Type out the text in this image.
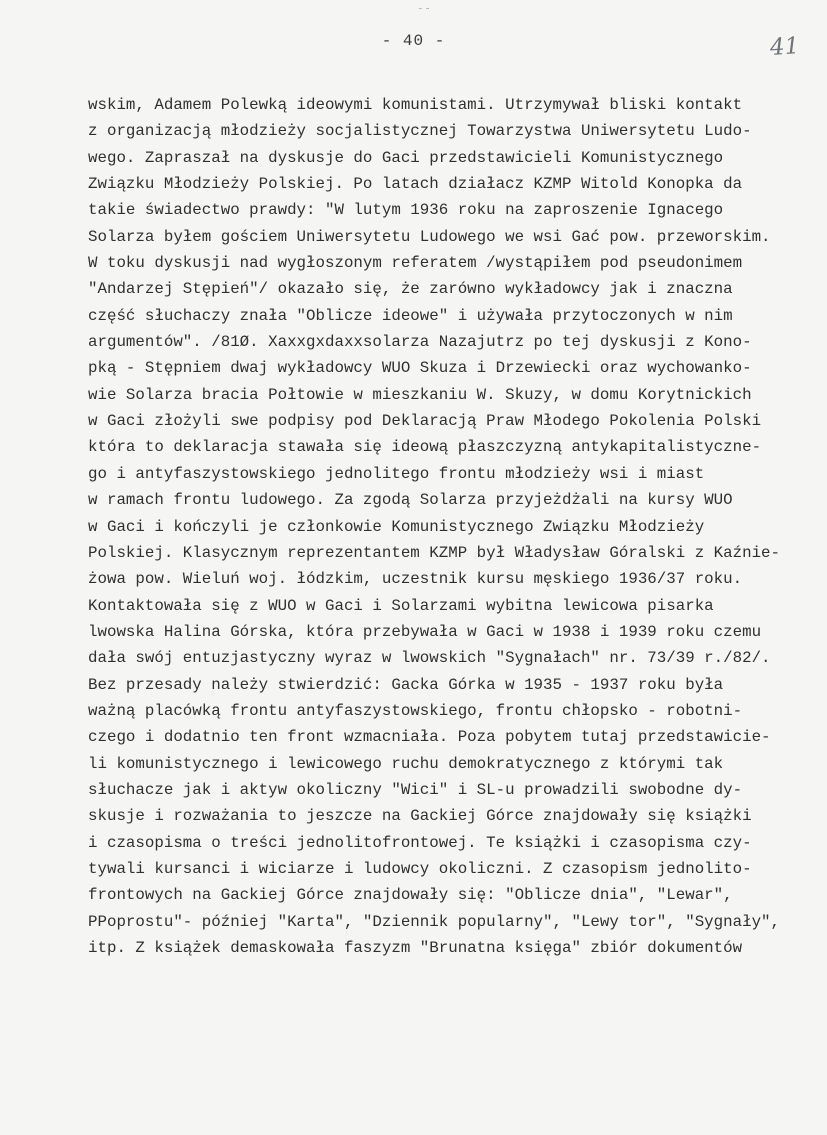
˜ ˜
- 40 -	41
wskim, Adamem Polewką ideowymi komunistami. Utrzymywał bliski kontakt
z organizacją młodzieży socjalistycznej Towarzystwa Uniwersytetu Ludo-
wego. Zapraszał na dyskusje do Gaci przedstawicieli Komunistycznego
Związku Młodzieży Polskiej. Po latach działacz KZMP Witold Konopka da
takie świadectwo prawdy: "W lutym 1936 roku na zaproszenie Ignacego
Solarza byłem gościem Uniwersytetu Ludowego we wsi Gać pow. przeworskim.
W toku dyskusji nad wygłoszonym referatem /wystąpiłem pod pseudonimem
"Andarzej Stępień"/ okazało się, że zarówno wykładowcy jak i znaczna
część słuchaczy znała "Oblicze ideowe" i używała przytoczonych w nim
argumentów". /81Ø. Xaxxgxdaxxsolarza Nazajutrz po tej dyskusji z Kono-
pką - Stępniem dwaj wykładowcy WUO Skuza i Drzewiecki oraz wychowanko-
wie Solarza bracia Połtowie w mieszkaniu W. Skuzy, w domu Korytnickich
w Gaci złożyli swe podpisy pod Deklaracją Praw Młodego Pokolenia Polski
która to deklaracja stawała się ideową płaszczyzną antykapitalistyczne-
go i antyfaszystowskiego jednolitego frontu młodzieży wsi i miast
w ramach frontu ludowego. Za zgodą Solarza przyjeżdżali na kursy WUO
w Gaci i kończyli je członkowie Komunistycznego Związku Młodzieży
Polskiej. Klasycznym reprezentantem KZMP był Władysław Góralski z Kaźnie-
żowa pow. Wieluń woj. łódzkim, uczestnik kursu męskiego 1936/37 roku.
Kontaktowała się z WUO w Gaci i Solarzami wybitna lewicowa pisarka
lwowska Halina Górska, która przebywała w Gaci w 1938 i 1939 roku czemu
dała swój entuzjastyczny wyraz w lwowskich "Sygnałach" nr. 73/39 r./82/.
Bez przesady należy stwierdzić: Gacka Górka w 1935 - 1937 roku była
ważną placówką frontu antyfaszystowskiego, frontu chłopsko - robotni-
czego i dodatnio ten front wzmacniała. Poza pobytem tutaj przedstawicie-
li komunistycznego i lewicowego ruchu demokratycznego z którymi tak
słuchacze jak i aktyw okoliczny "Wici" i SL-u prowadzili swobodne dy-
skusje i rozważania to jeszcze na Gackiej Górce znajdowały się książki
i czasopisma o treści jednolitofrontowej. Te książki i czasopisma czy-
tywali kursanci i wiciarze i ludowcy okoliczni. Z czasopism jednolito-
frontowych na Gackiej Górce znajdowały się: "Oblicze dnia", "Lewar",
PPoprostu"- później "Karta", "Dziennik popularny", "Lewy tor", "Sygnały",
itp. Z książek demaskowała faszyzm "Brunatna księga" zbiór dokumentów
